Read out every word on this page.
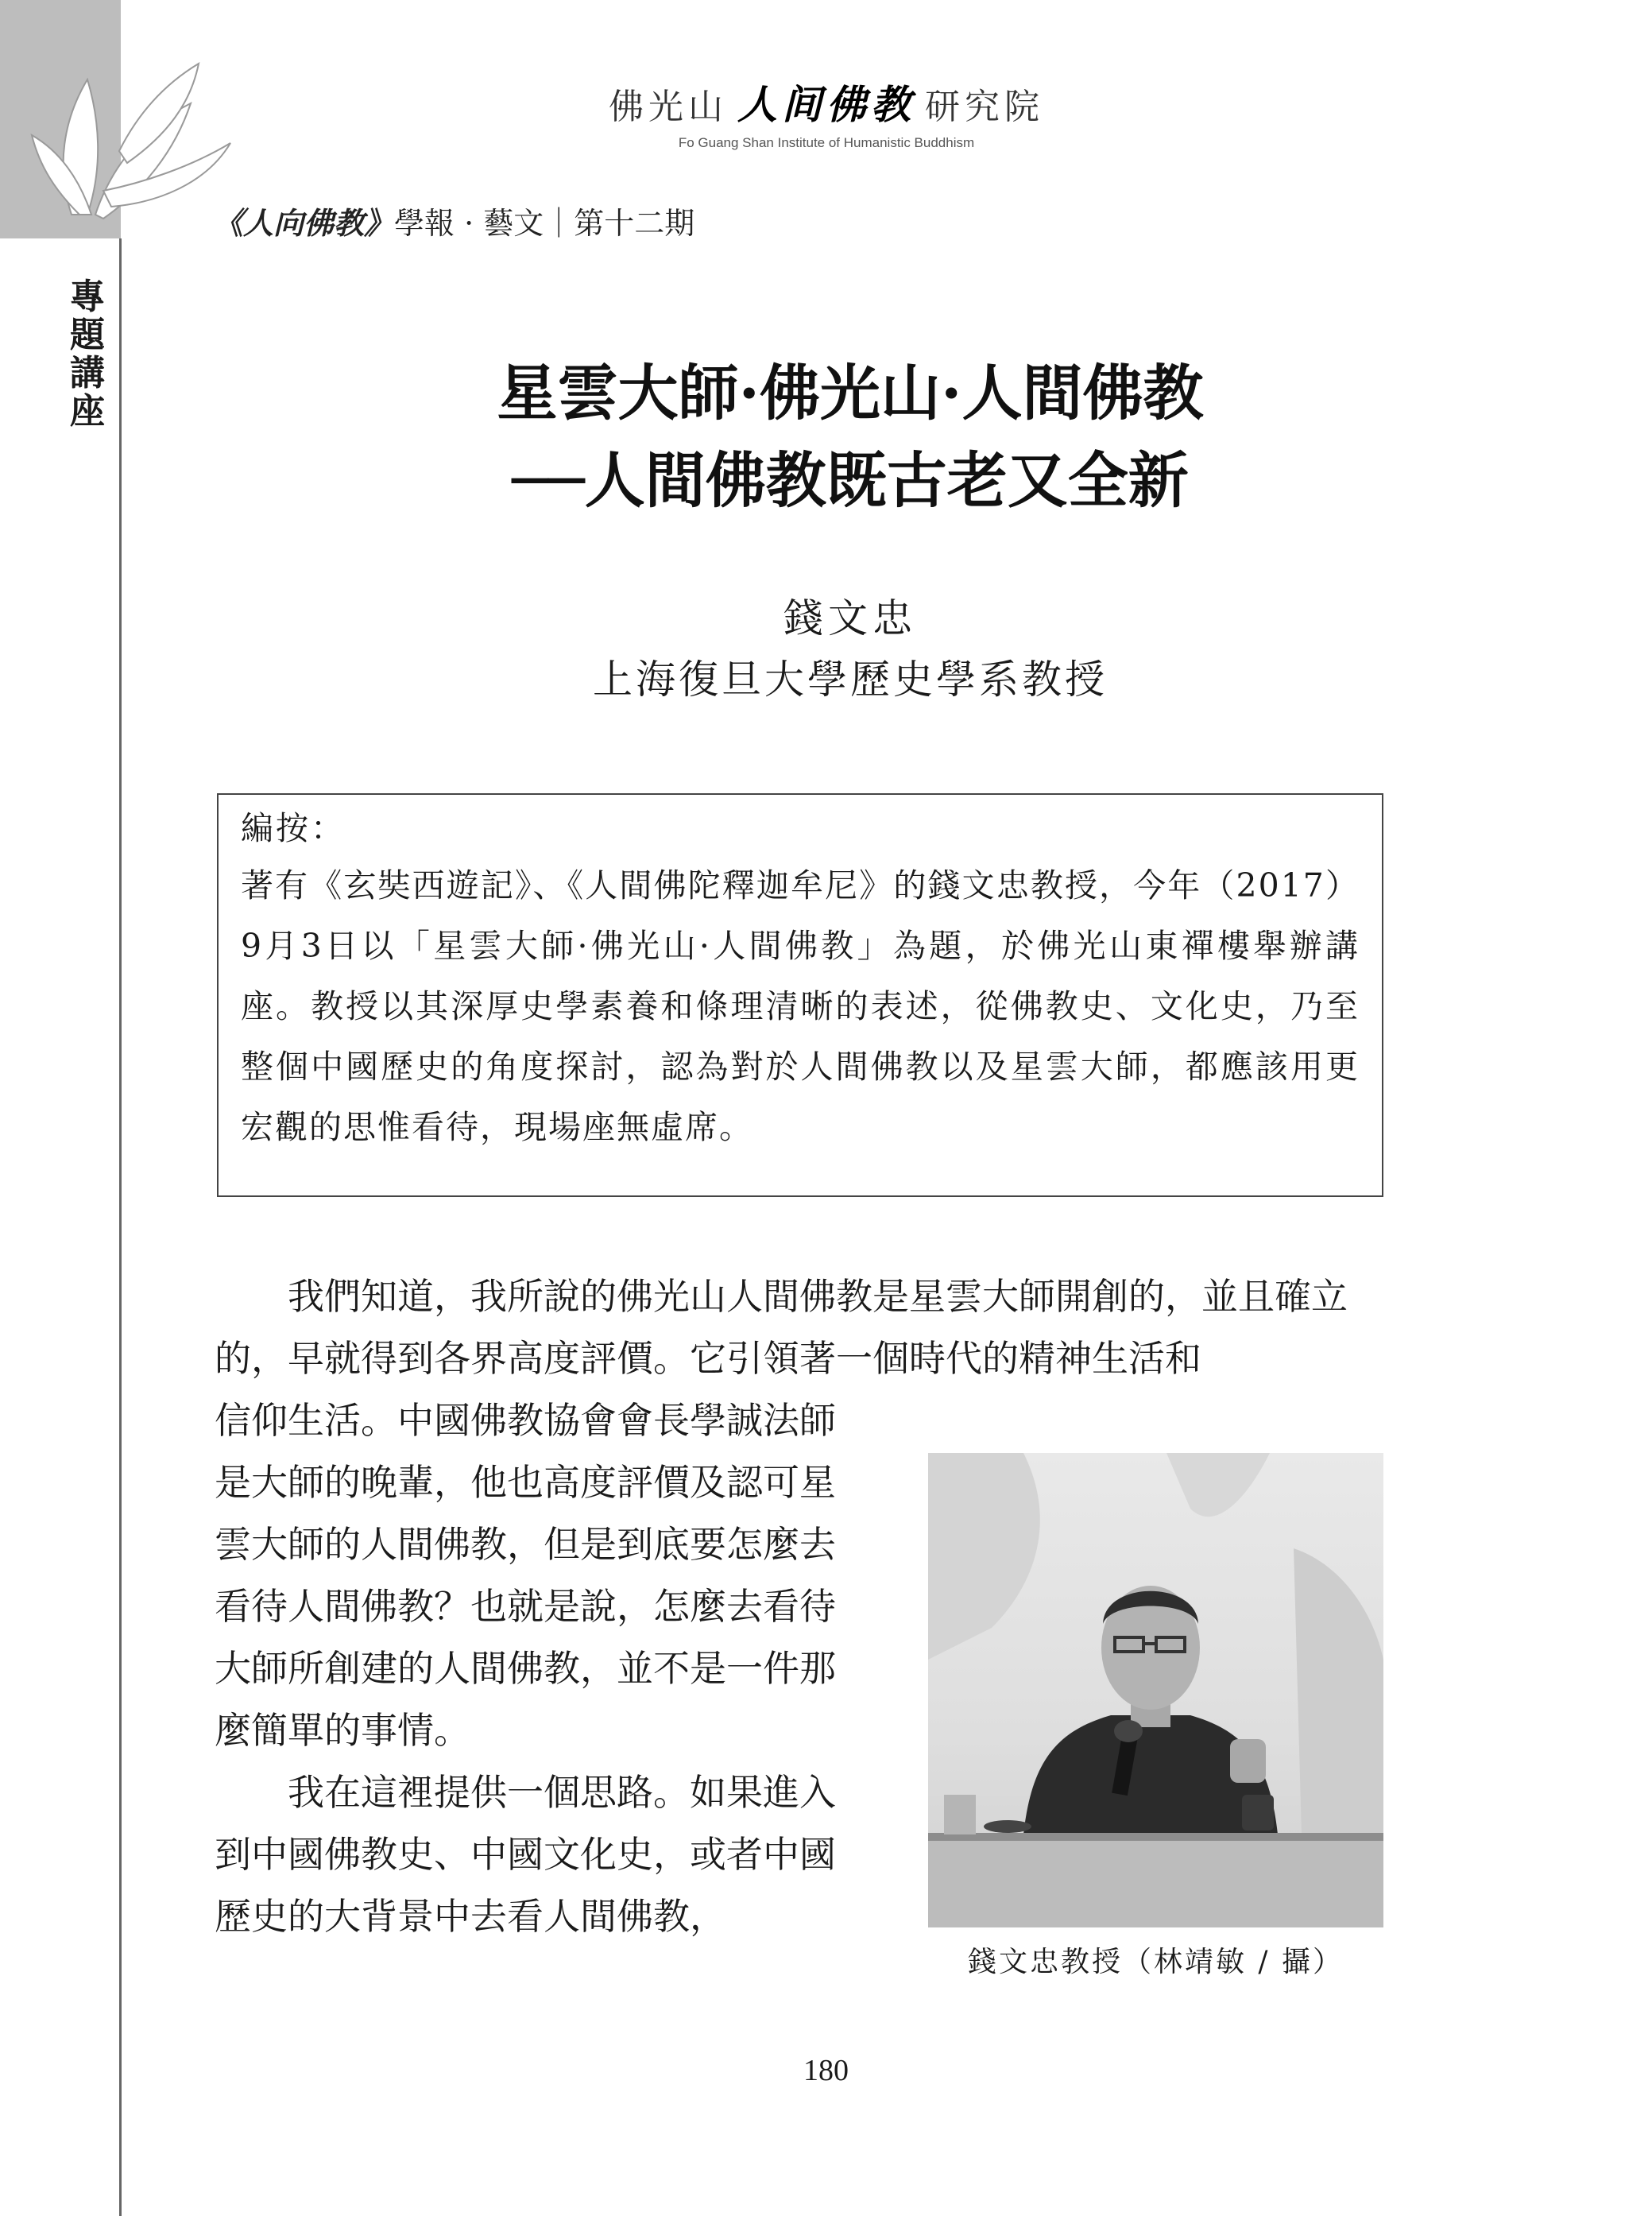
專題講座
佛光山 人间佛教 研究院
Fo Guang Shan Institute of Humanistic Buddhism
《人向佛教》學報 · 藝文｜第十二期
星雲大師·佛光山·人間佛教
──人間佛教既古老又全新
錢文忠
上海復旦大學歷史學系教授
編按：
著有《玄奘西遊記》、《人間佛陀釋迦牟尼》的錢文忠教授，今年（2017）9月3日以「星雲大師·佛光山·人間佛教」為題，於佛光山東禪樓舉辦講座。教授以其深厚史學素養和條理清晰的表述，從佛教史、文化史，乃至整個中國歷史的角度探討，認為對於人間佛教以及星雲大師，都應該用更宏觀的思惟看待，現場座無虛席。

我們知道，我所說的佛光山人間佛教是星雲大師開創的，並且確立的，早就得到各界高度評價。它引領著一個時代的精神生活和

信仰生活。中國佛教協會會長學誠法師是大師的晚輩，他也高度評價及認可星雲大師的人間佛教，但是到底要怎麼去看待人間佛教？也就是說，怎麼去看待大師所創建的人間佛教，並不是一件那麼簡單的事情。

我在這裡提供一個思路。如果進入到中國佛教史、中國文化史，或者中國歷史的大背景中去看人間佛教，

錢文忠教授（林靖敏 / 攝）
180
